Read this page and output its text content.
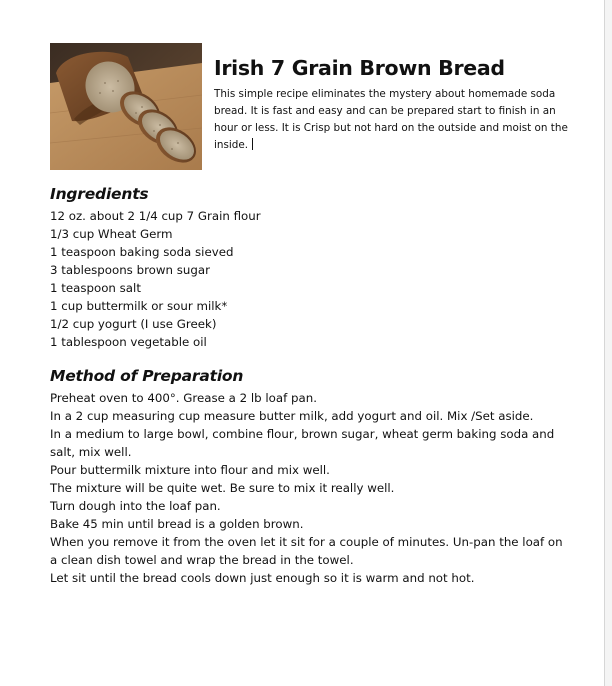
Irish 7 Grain Brown Bread
This simple recipe eliminates the mystery about homemade soda
bread. It is fast and easy and can be prepared start to finish in an
hour or less. It is Crisp but not hard on the outside and moist on the
inside.
Ingredients
12 oz. about 2 1/4 cup 7 Grain flour
1/3 cup Wheat Germ
1 teaspoon baking soda sieved
3 tablespoons brown sugar
1 teaspoon salt
1 cup buttermilk or sour milk*
1/2 cup yogurt (I use Greek)
1 tablespoon vegetable oil
Method of Preparation
Preheat oven to 400°. Grease a 2 lb loaf pan.
In a 2 cup measuring cup measure butter milk, add yogurt and oil. Mix /Set aside.
In a medium to large bowl, combine flour, brown sugar, wheat germ baking soda and
salt, mix well.
Pour buttermilk mixture into flour and mix well.
The mixture will be quite wet. Be sure to mix it really well.
Turn dough into the loaf pan.
Bake 45 min until bread is a golden brown.
When you remove it from the oven let it sit for a couple of minutes. Un-pan the loaf on
a clean dish towel and wrap the bread in the towel.
Let sit until the bread cools down just enough so it is warm and not hot.
